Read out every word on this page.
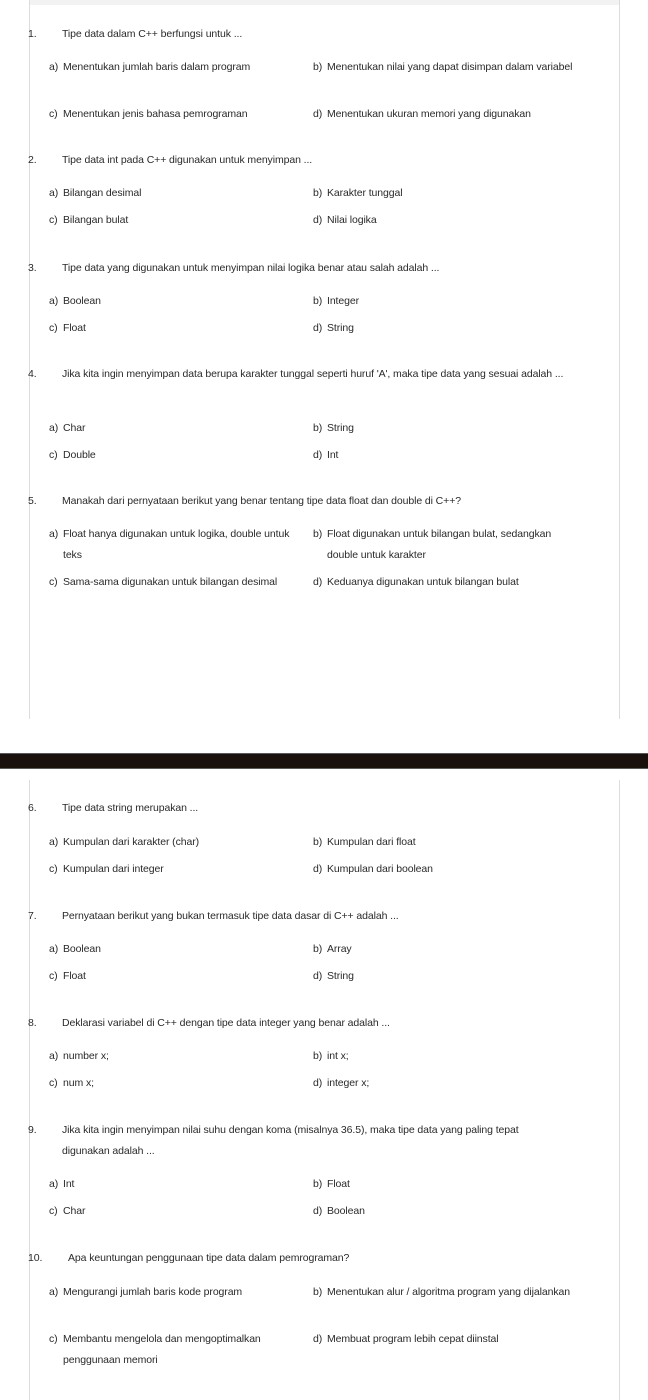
1.	Tipe data dalam C++ berfungsi untuk ...
a) Menentukan jumlah baris dalam program	b) Menentukan nilai yang dapat disimpan dalam variabel
c) Menentukan jenis bahasa pemrograman	d) Menentukan ukuran memori yang digunakan
2.	Tipe data int pada C++ digunakan untuk menyimpan ...
a) Bilangan desimal	b) Karakter tunggal
c) Bilangan bulat	d) Nilai logika
3.	Tipe data yang digunakan untuk menyimpan nilai logika benar atau salah adalah ...
a) Boolean	b) Integer
c) Float	d) String
4.	Jika kita ingin menyimpan data berupa karakter tunggal seperti huruf 'A', maka tipe data yang sesuai adalah ...
a) Char	b) String
c) Double	d) Int
5.	Manakah dari pernyataan berikut yang benar tentang tipe data float dan double di C++?
a) Float hanya digunakan untuk logika, double untuk teks
b) Float digunakan untuk bilangan bulat, sedangkan double untuk karakter
c) Sama-sama digunakan untuk bilangan desimal	d) Keduanya digunakan untuk bilangan bulat
6.	Tipe data string merupakan ...
a) Kumpulan dari karakter (char)	b) Kumpulan dari float
c) Kumpulan dari integer	d) Kumpulan dari boolean
7.	Pernyataan berikut yang bukan termasuk tipe data dasar di C++ adalah ...
a) Boolean	b) Array
c) Float	d) String
8.	Deklarasi variabel di C++ dengan tipe data integer yang benar adalah ...
a) number x;	b) int x;
c) num x;	d) integer x;
9.	Jika kita ingin menyimpan nilai suhu dengan koma (misalnya 36.5), maka tipe data yang paling tepat digunakan adalah ...
a) Int	b) Float
c) Char	d) Boolean
10.	Apa keuntungan penggunaan tipe data dalam pemrograman?
a) Mengurangi jumlah baris kode program	b) Menentukan alur / algoritma program yang dijalankan
c) Membantu mengelola dan mengoptimalkan penggunaan memori
d) Membuat program lebih cepat diinstal
